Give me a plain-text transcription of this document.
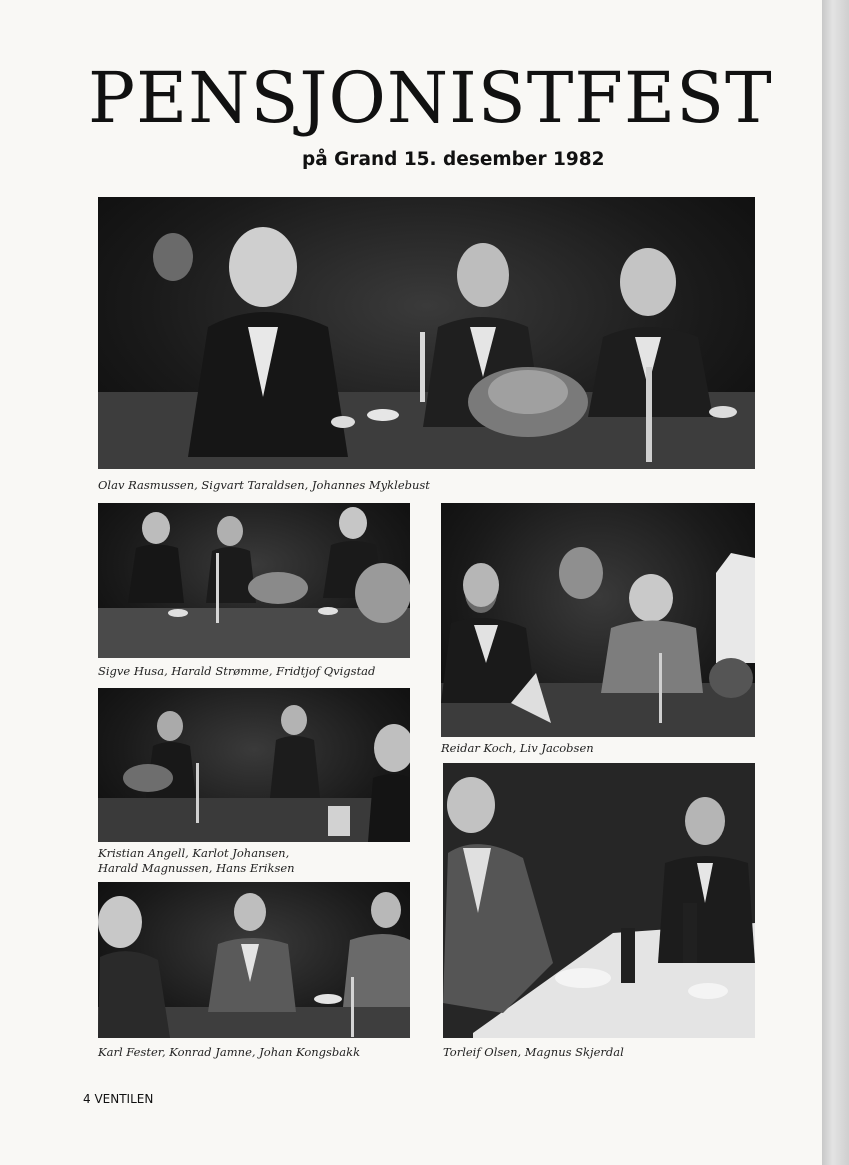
PENSJONISTFEST
på Grand 15. desember 1982
Olav Rasmussen, Sigvart Taraldsen, Johannes Myklebust
Sigve Husa, Harald Strømme, Fridtjof Qvigstad
Reidar Koch, Liv Jacobsen
Kristian Angell, Karlot Johansen,
Harald Magnussen, Hans Eriksen
Torleif Olsen, Magnus Skjerdal
Karl Fester, Konrad Jamne, Johan Kongsbakk
4 VENTILEN
